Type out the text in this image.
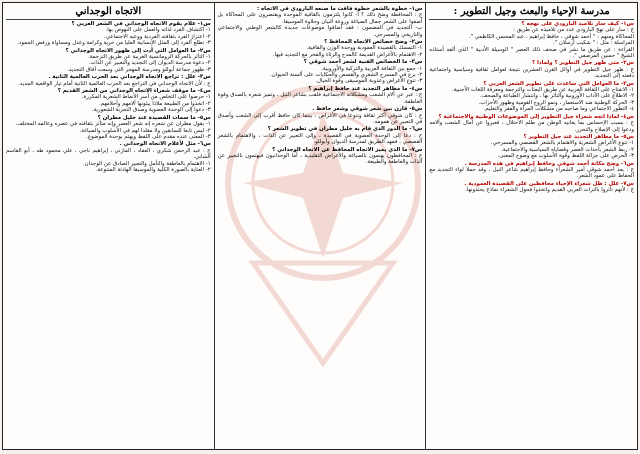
مدرسة الإحياء والبعث وجيل التطوير :
س١- كيف سار تلاميذ البارودي على نهجه ؟
ج : سار على نهج البارودي عدد من تلاميذه عن طريق :
المحاكاة ومنهم : " أحمد شوقي ، حافظ إبراهيم ، عبد المحسن الكاظمي ".
المراسلة : مثل : " شكيب أرسلان ".
القراءة : عن طريق ما نشر في صحف ذلك العصر " الوسيلة الأدبية " الذي ألفه أستاذه الشيخ " حسين المرصفي ".
س٢- متى ظهر جيل التطوير ؟ ولماذا ؟
ج : ظهر جيل التطوير في أوائل القرن العشرين نتيجة لعوامل ثقافية وسياسية واجتماعية دفعته إلى التجديد.
س٣- ما العوامل التي ساعدت على تطوير الشعر العربي ؟
١- الانفتاح على الثقافة الغربية عن طريق البعثات والترجمة ومعرفة اللغات الأجنبية.
٢- الاطلاع على الآداب الأوروبية والتأثر بها ، وانتشار الطباعة والصحف.
٣- الحركة الوطنية ضد الاستعمار ، ونمو الروح القومية وظهور الأحزاب.
٤- التطور الاجتماعي وما صاحبه من مشكلات المرأة والفقر والتعليم.
س٤- لماذا اتجه شعراء جيل التطوير إلى الموضوعات الوطنية والاجتماعية ؟
ج : بسبب الإحساس بما يعانيه الوطن من ظلم الاحتلال ، فعبروا عن آمال الشعب وآلامه ودعوا إلى الإصلاح والتحرر.
س٥- ما مظاهر التجديد عند جيل التطوير ؟
١- تنوع الأغراض الشعرية والاهتمام بالشعر القصصي والمسرحي.
٢- ربط الشعر بأحداث العصر وقضاياه السياسية والاجتماعية.
٣- الحرص على جزالة اللفظ وقوة الأسلوب مع وضوح المعنى.
س٦- وضح مكانة أحمد شوقي وحافظ إبراهيم في هذه المدرسة .
ج : يعد أحمد شوقي أمير الشعراء وحافظ إبراهيم شاعر النيل ، وقد حملا لواء التجديد مع الحفاظ على عمود الشعر.
س٧- علل : ظل شعراء الإحياء محافظين على القصيدة العمودية .
ج : لأنهم تأثروا بالتراث العربي القديم واتخذوا فحول الشعراء نماذج يحتذونها.
س١- خطوة بالشعر خطوة فاقت ما صنعه البارودي في الاتجاه :
ج : المحافظة وضح ذلك ؟ أ- كانوا يلتزمون بالقافية الموحدة ويقتصرون على المحاكاة بل أضفوا على الشعر جمال الصياغة وروعة البيان وحلاوة الموسيقا.
ب- التجديد في المضمون : فقد أضافوا موضوعات جديدة كالشعر الوطني والاجتماعي والتاريخي والمسرحي.
س٢- وضح خصائص الاتجاه المحافظ ؟
١- التمسك بالقصيدة العمودية ووحدة الوزن والقافية.
٢- الاهتمام بالأغراض القديمة كالمدح والرثاء والفخر مع التجديد فيها.
س٣- ما الخصائص الفنية لشعر أحمد شوقي ؟
١- جمع بين الثقافة العربية والتركية والأوروبية.
٢- برع في المسرح الشعري والقصص والحكايات على ألسنة الحيوان.
٣- تنوع الأغراض وعذوبة الموسيقى وقوة الخيال.
س٤- ما مظاهر التجديد عند حافظ إبراهيم ؟
ج : عبر عن آلام الشعب ومشكلاته الاجتماعية فلقب بشاعر النيل ، وتميز شعره بالصدق وقوة العاطفة.
س٥- قارن بين شعر شوقي وشعر حافظ .
ج : كان شوقي أكثر ثقافة وتنوعا في الأغراض ، بينما كان حافظ أقرب إلى الشعب وأصدق في التعبير عن همومه.
س٦- ما الدور الذي قام به خليل مطران في تطوير الشعر ؟
ج : دعا إلى الوحدة العضوية في القصيدة ، وإلى التعبير عن الذات ، والاهتمام بالشعر القصصي ، فمهد الطريق لمدرسة الديوان وأبوللو.
س٧- ما الذي يميز الاتجاه المحافظ عن الاتجاه الوجداني ؟
ج : المحافظون يهتمون بالصياغة والأغراض التقليدية ، أما الوجدانيون فيهتمون بالتعبير عن الذات والعاطفة والطبيعة.
الاتجاه الوجداني
س١- علام يقوم الاتجاه الوجداني في الشعر العربي ؟
١- اكتشاف الفرد لذاته والعمل على النهوض بها.
٢- اعتزاز الفرد بثقافته الفردية ووعيه الاجتماعي.
٣- تطلع الفرد إلى المثل الإنسانية العليا من حرية وكرامة وعدل ومساواة ورفض الجمود.
س٢- ما العوامل التي أدت إلى ظهور الاتجاه الوجداني ؟
١- التأثر بالحركة الرومانسية الغربية عن طريق الترجمة.
٢- دعوة مدرسة الديوان إلى التجديد والتعبير عن الذات.
٣- ظهور جماعة أبوللو ومدرسة المهجر التي وسعت آفاق التجديد.
س٣- علل : تراجع الاتجاه الوجداني بعد الحرب العالمية الثانية .
ج : لأن الاتجاه الوجداني في التراجع بعد الحرب العالمية الثانية أمام تيار الواقعية الجديد.
س٤- ما موقف شعراء الاتجاه الوجداني من الشعر القديم ؟
١- حرصوا على التخلص من أسر الأنماط الشعرية المكررة.
٢- اتخذوا من الطبيعة ملاذا يبثونها آلامهم وأحلامهم.
٣- دعوا إلى الوحدة العضوية وصدق التجربة الشعورية.
س٥- ما سمات القصيدة عند خليل مطران ؟
١- يقول مطران عن شعره إنه شعر العصر وإنه متأثر بثقافته في عصره وعالمه المختلف.
٢- ليس تابعا للسابقين ولا مقلدا لهم في الأسلوب والصياغة.
٣- المعنى عنده مقدم على اللفظ ويهتم بوحدة الموضوع.
س٦- مثل لأعلام الاتجاه الوجداني .
ج : عبد الرحمن شكري ، العقاد ، المازني ، إبراهيم ناجي ، علي محمود طه ، أبو القاسم الشابي.
١- الاهتمام بالعاطفة والتأمل والتعبير الصادق عن الوجدان.
٢- العناية بالصورة الكلية والموسيقا الهادئة المتنوعة.
